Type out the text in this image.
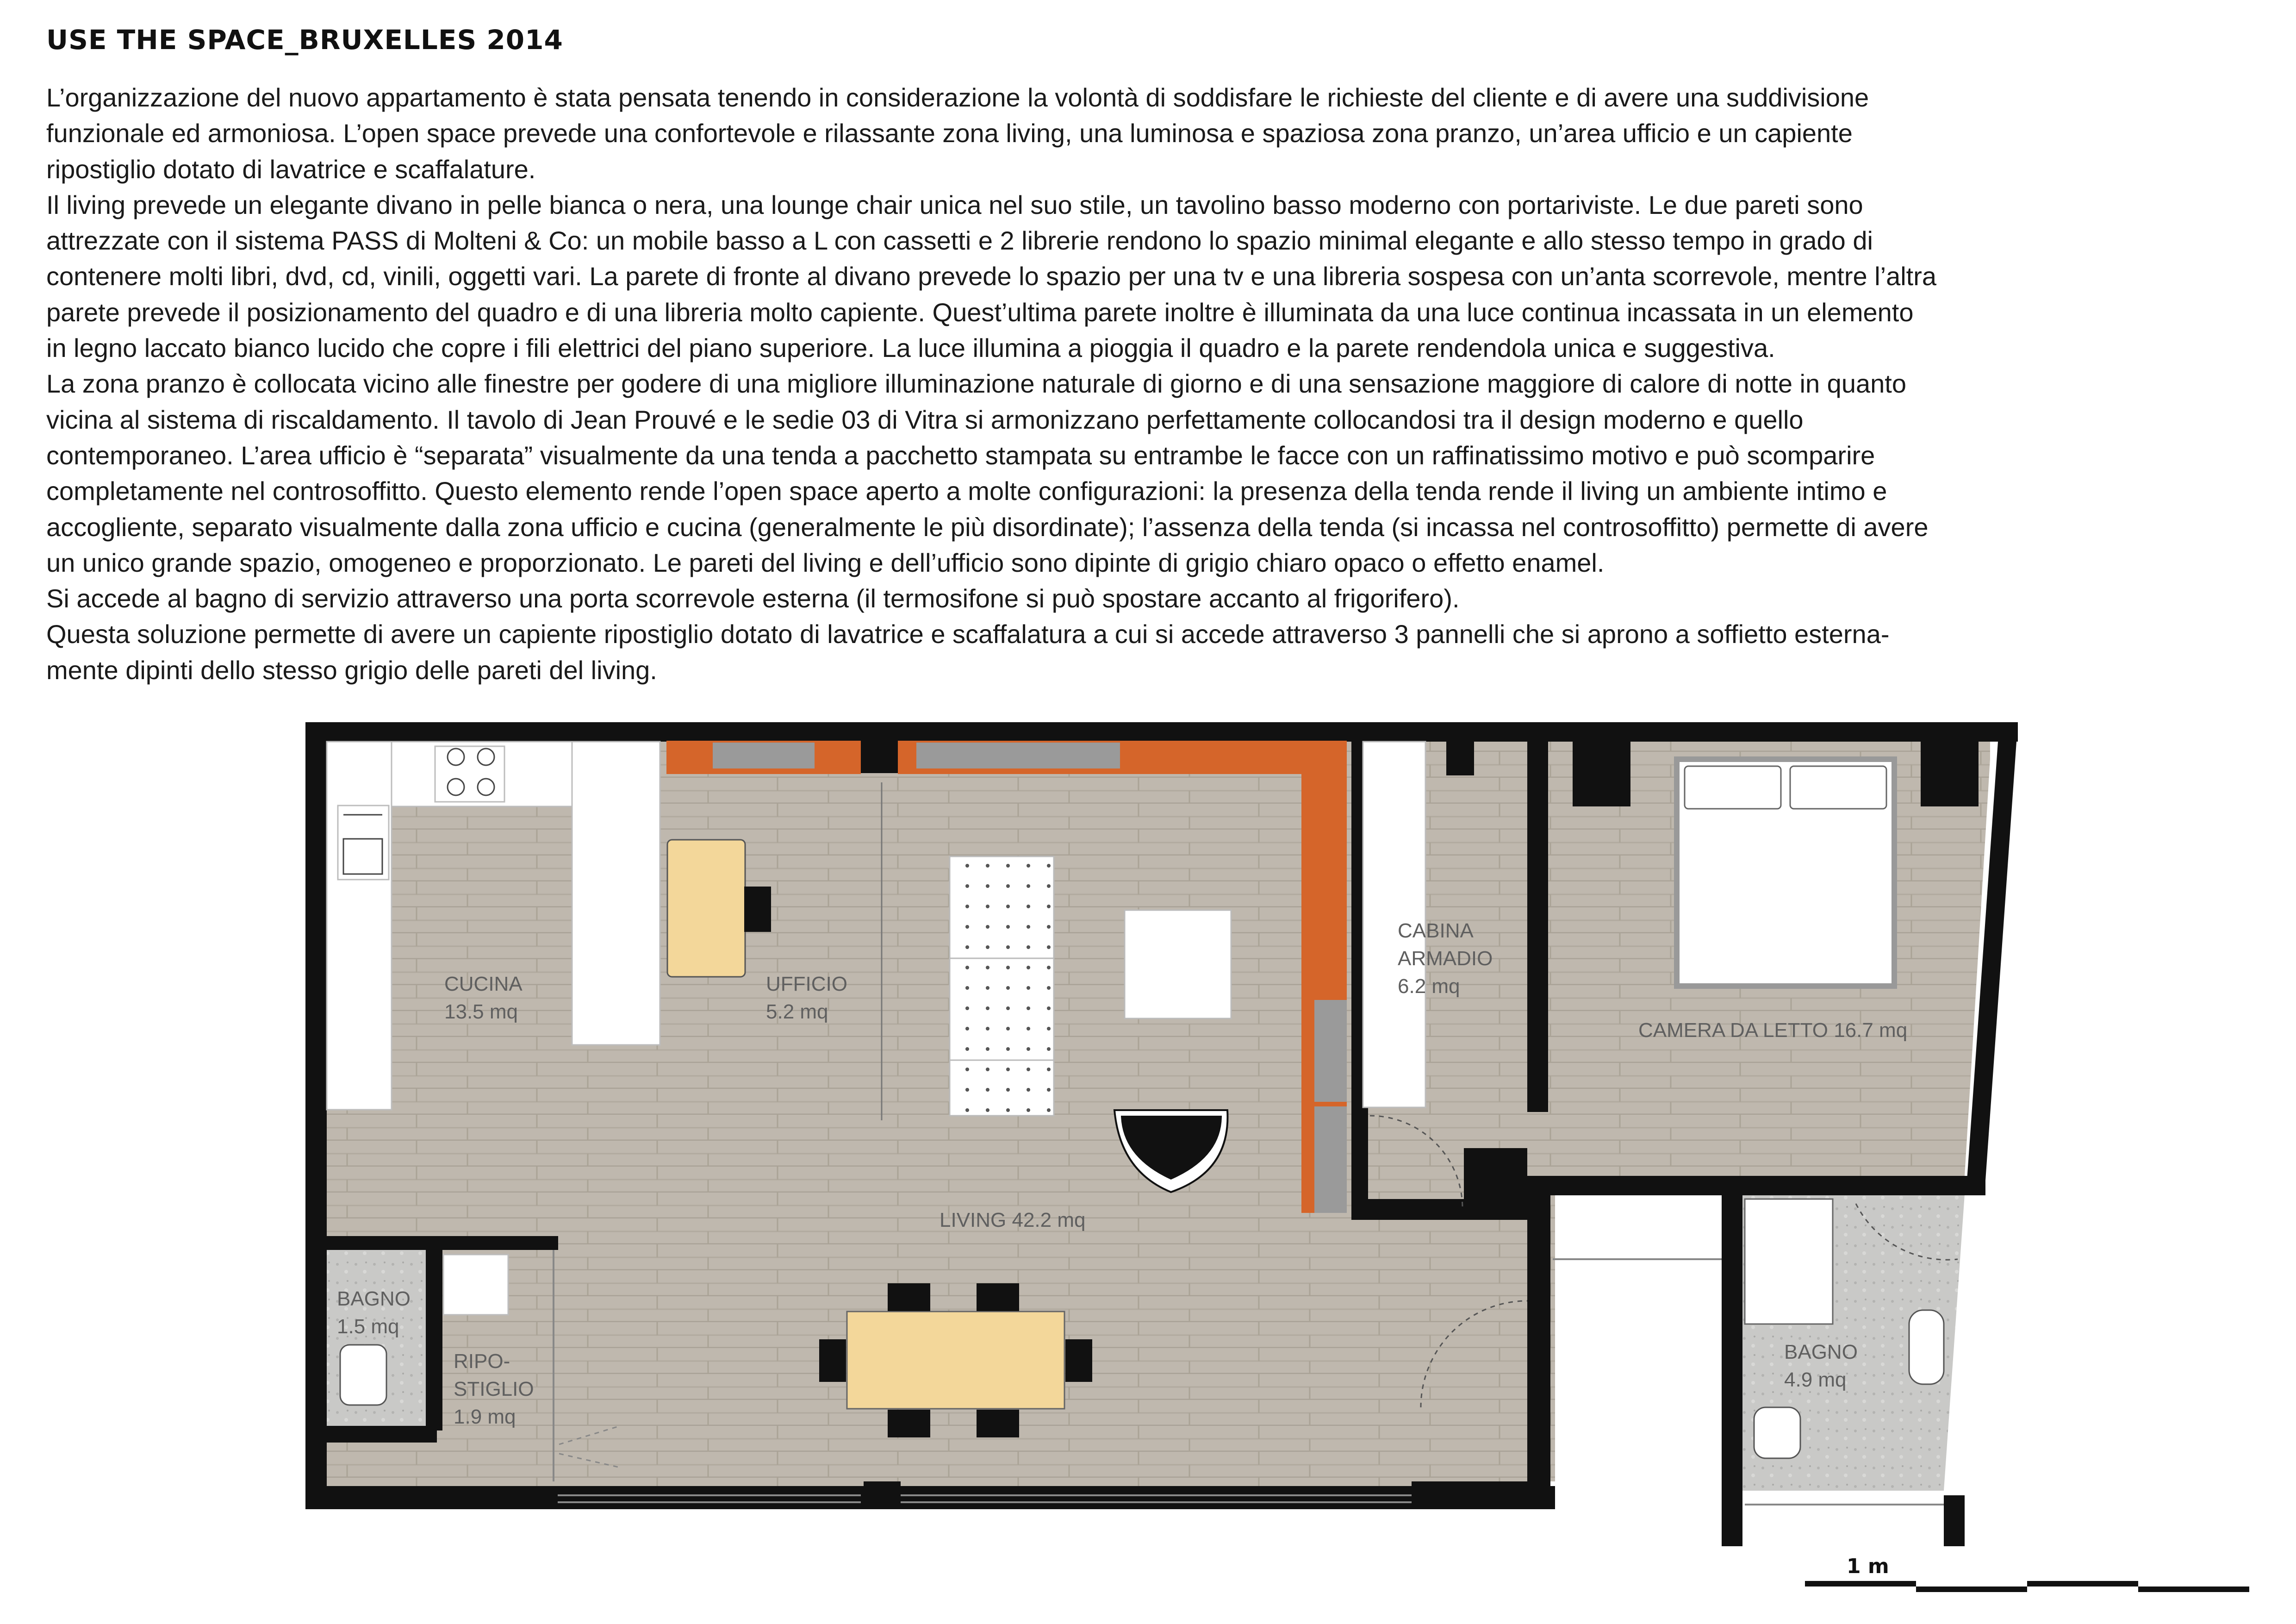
USE THE SPACE_BRUXELLES 2014

L’organizzazione del nuovo appartamento è stata pensata tenendo in considerazione la volontà di soddisfare le richieste del cliente e di avere una suddivisione

funzionale ed armoniosa. L’open space prevede una confortevole e rilassante zona living, una luminosa e spaziosa zona pranzo, un’area ufficio e un capiente

ripostiglio dotato di lavatrice e scaffalature.

Il living prevede un elegante divano in pelle bianca o nera, una lounge chair unica nel suo stile, un tavolino basso moderno con portariviste. Le due pareti sono

attrezzate con il sistema PASS di Molteni & Co: un mobile basso a L con cassetti e 2 librerie rendono lo spazio minimal elegante e allo stesso tempo in grado di

contenere molti libri, dvd, cd, vinili, oggetti vari. La parete di fronte al divano prevede lo spazio per una tv e una libreria sospesa con un’anta scorrevole, mentre l’altra

parete prevede il posizionamento del quadro e di una libreria molto capiente. Quest’ultima parete inoltre è illuminata da una luce continua incassata in un elemento

in legno laccato bianco lucido che copre i fili elettrici del piano superiore. La luce illumina a pioggia il quadro e la parete rendendola unica e suggestiva.

La zona pranzo è collocata vicino alle finestre per godere di una migliore illuminazione naturale di giorno e di una sensazione maggiore di calore di notte in quanto

vicina al sistema di riscaldamento. Il tavolo di Jean Prouvé e le sedie 03 di Vitra si armonizzano perfettamente collocandosi tra il design moderno e quello

contemporaneo. L’area ufficio è “separata” visualmente da una tenda a pacchetto stampata su entrambe le facce con un raffinatissimo motivo e può scomparire

completamente nel controsoffitto. Questo elemento rende l’open space aperto a molte configurazioni: la presenza della tenda rende il living un ambiente intimo e

accogliente, separato visualmente dalla zona ufficio e cucina (generalmente le più disordinate); l’assenza della tenda (si incassa nel controsoffitto) permette di avere

un unico grande spazio, omogeneo e proporzionato. Le pareti del living e dell’ufficio sono dipinte di grigio chiaro opaco o effetto enamel.

Si accede al bagno di servizio attraverso una porta scorrevole esterna (il termosifone si può spostare accanto al frigorifero).

Questa soluzione permette di avere un capiente ripostiglio dotato di lavatrice e scaffalatura a cui si accede attraverso 3 pannelli che si aprono a soffietto esterna-

mente dipinti dello stesso grigio delle pareti del living.

CUCINA
13.5 mq
UFFICIO
5.2 mq
CABINA
ARMADIO
6.2 mq
CAMERA DA LETTO 16.7 mq
LIVING 42.2 mq
BAGNO
1.5 mq
RIPO-
STIGLIO
1.9 mq
BAGNO
4.9 mq
1 m
